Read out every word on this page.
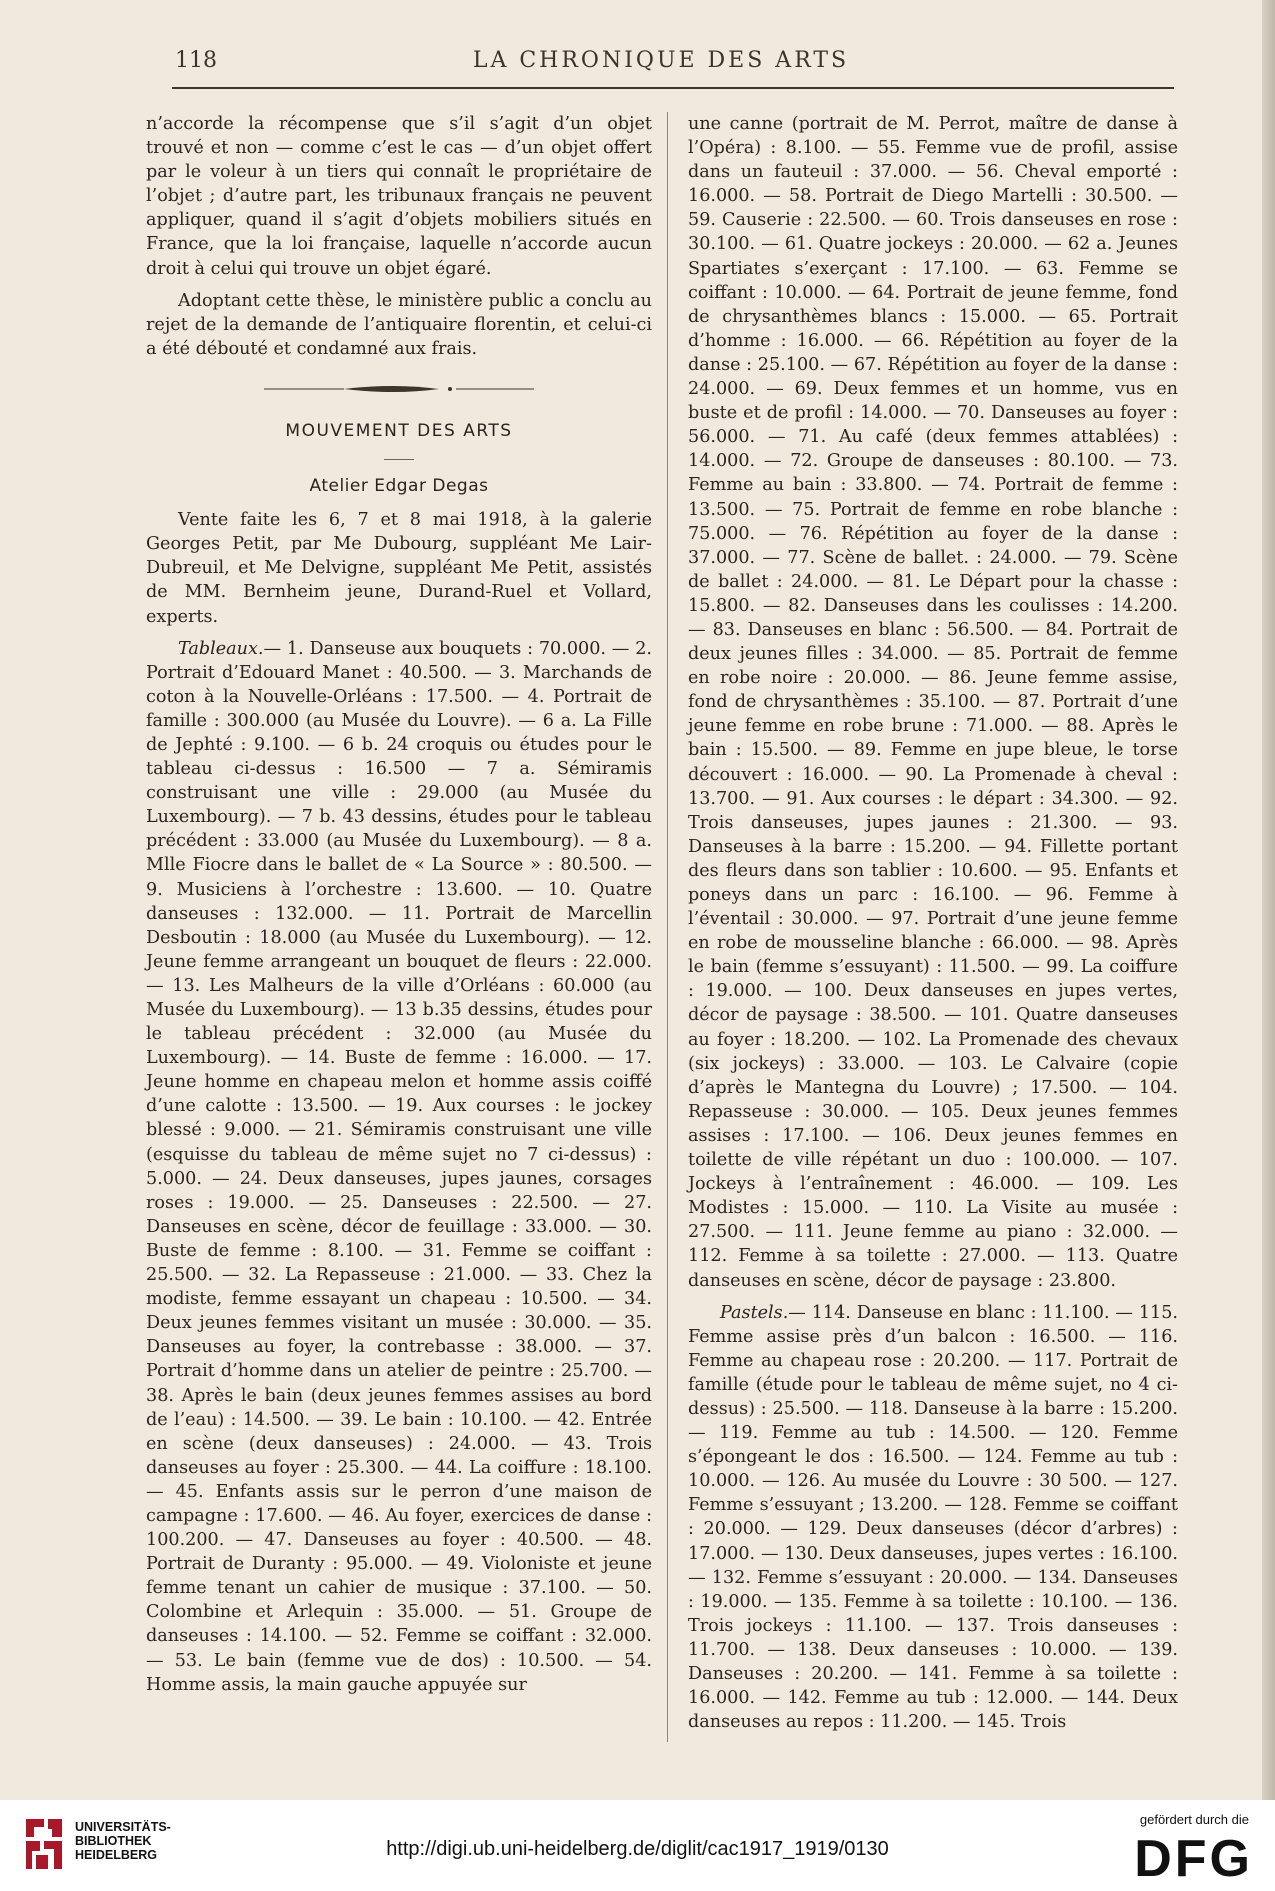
118	LA CHRONIQUE DES ARTS

n’accorde la récompense que s’il s’agit d’un objet trouvé et non — comme c’est le cas — d’un objet offert par le voleur à un tiers qui connaît le propriétaire de l’objet ; d’autre part, les tribunaux français ne peuvent appliquer, quand il s’agit d’objets mobiliers situés en France, que la loi française, laquelle n’accorde aucun droit à celui qui trouve un objet égaré.

Adoptant cette thèse, le ministère public a conclu au rejet de la demande de l’antiquaire florentin, et celui-ci a été débouté et condamné aux frais.

MOUVEMENT DES ARTS
Atelier Edgar Degas

Vente faite les 6, 7 et 8 mai 1918, à la galerie Georges Petit, par Me Dubourg, suppléant Me Lair-Dubreuil, et Me Delvigne, suppléant Me Petit, assistés de MM. Bernheim jeune, Durand-Ruel et Vollard, experts.

Tableaux.— 1. Danseuse aux bouquets : 70.000. — 2. Portrait d’Edouard Manet : 40.500. — 3. Marchands de coton à la Nouvelle-Orléans : 17.500. — 4. Portrait de famille : 300.000 (au Musée du Louvre). — 6 a. La Fille de Jephté : 9.100. — 6 b. 24 croquis ou études pour le tableau ci-dessus : 16.500 — 7 a. Sémiramis construisant une ville : 29.000 (au Musée du Luxembourg). — 7 b. 43 dessins, études pour le tableau précédent : 33.000 (au Musée du Luxembourg). — 8 a. Mlle Fiocre dans le ballet de « La Source » : 80.500. — 9. Musiciens à l’orchestre : 13.600. — 10. Quatre danseuses : 132.000. — 11. Portrait de Marcellin Desboutin : 18.000 (au Musée du Luxembourg). — 12. Jeune femme arrangeant un bouquet de fleurs : 22.000. — 13. Les Malheurs de la ville d’Orléans : 60.000 (au Musée du Luxembourg). — 13 b.35 dessins, études pour le tableau précédent : 32.000 (au Musée du Luxembourg). — 14. Buste de femme : 16.000. — 17. Jeune homme en chapeau melon et homme assis coiffé d’une calotte : 13.500. — 19. Aux courses : le jockey blessé : 9.000. — 21. Sémiramis construisant une ville (esquisse du tableau de même sujet no 7 ci-dessus) : 5.000. — 24. Deux danseuses, jupes jaunes, corsages roses : 19.000. — 25. Danseuses : 22.500. — 27. Danseuses en scène, décor de feuillage : 33.000. — 30. Buste de femme : 8.100. — 31. Femme se coiffant : 25.500. — 32. La Repasseuse : 21.000. — 33. Chez la modiste, femme essayant un chapeau : 10.500. — 34. Deux jeunes femmes visitant un musée : 30.000. — 35. Danseuses au foyer, la contrebasse : 38.000. — 37. Portrait d’homme dans un atelier de peintre : 25.700. — 38. Après le bain (deux jeunes femmes assises au bord de l’eau) : 14.500. — 39. Le bain : 10.100. — 42. Entrée en scène (deux danseuses) : 24.000. — 43. Trois danseuses au foyer : 25.300. — 44. La coiffure : 18.100. — 45. Enfants assis sur le perron d’une maison de campagne : 17.600. — 46. Au foyer, exercices de danse : 100.200. — 47. Danseuses au foyer : 40.500. — 48. Portrait de Duranty : 95.000. — 49. Violoniste et jeune femme tenant un cahier de musique : 37.100. — 50. Colombine et Arlequin : 35.000. — 51. Groupe de danseuses : 14.100. — 52. Femme se coiffant : 32.000. — 53. Le bain (femme vue de dos) : 10.500. — 54. Homme assis, la main gauche appuyée sur

une canne (portrait de M. Perrot, maître de danse à l’Opéra) : 8.100. — 55. Femme vue de profil, assise dans un fauteuil : 37.000. — 56. Cheval emporté : 16.000. — 58. Portrait de Diego Martelli : 30.500. — 59. Causerie : 22.500. — 60. Trois danseuses en rose : 30.100. — 61. Quatre jockeys : 20.000. — 62 a. Jeunes Spartiates s’exerçant : 17.100. — 63. Femme se coiffant : 10.000. — 64. Portrait de jeune femme, fond de chrysanthèmes blancs : 15.000. — 65. Portrait d’homme : 16.000. — 66. Répétition au foyer de la danse : 25.100. — 67. Répétition au foyer de la danse : 24.000. — 69. Deux femmes et un homme, vus en buste et de profil : 14.000. — 70. Danseuses au foyer : 56.000. — 71. Au café (deux femmes attablées) : 14.000. — 72. Groupe de danseuses : 80.100. — 73. Femme au bain : 33.800. — 74. Portrait de femme : 13.500. — 75. Portrait de femme en robe blanche : 75.000. — 76. Répétition au foyer de la danse : 37.000. — 77. Scène de ballet. : 24.000. — 79. Scène de ballet : 24.000. — 81. Le Départ pour la chasse : 15.800. — 82. Danseuses dans les coulisses : 14.200. — 83. Danseuses en blanc : 56.500. — 84. Portrait de deux jeunes filles : 34.000. — 85. Portrait de femme en robe noire : 20.000. — 86. Jeune femme assise, fond de chrysanthèmes : 35.100. — 87. Portrait d’une jeune femme en robe brune : 71.000. — 88. Après le bain : 15.500. — 89. Femme en jupe bleue, le torse découvert : 16.000. — 90. La Promenade à cheval : 13.700. — 91. Aux courses : le départ : 34.300. — 92. Trois danseuses, jupes jaunes : 21.300. — 93. Danseuses à la barre : 15.200. — 94. Fillette portant des fleurs dans son tablier : 10.600. — 95. Enfants et poneys dans un parc : 16.100. — 96. Femme à l’éventail : 30.000. — 97. Portrait d’une jeune femme en robe de mousseline blanche : 66.000. — 98. Après le bain (femme s’essuyant) : 11.500. — 99. La coiffure : 19.000. — 100. Deux danseuses en jupes vertes, décor de paysage : 38.500. — 101. Quatre danseuses au foyer : 18.200. — 102. La Promenade des chevaux (six jockeys) : 33.000. — 103. Le Calvaire (copie d’après le Mantegna du Louvre) ; 17.500. — 104. Repasseuse : 30.000. — 105. Deux jeunes femmes assises : 17.100. — 106. Deux jeunes femmes en toilette de ville répétant un duo : 100.000. — 107. Jockeys à l’entraînement : 46.000. — 109. Les Modistes : 15.000. — 110. La Visite au musée : 27.500. — 111. Jeune femme au piano : 32.000. — 112. Femme à sa toilette : 27.000. — 113. Quatre danseuses en scène, décor de paysage : 23.800.

Pastels.— 114. Danseuse en blanc : 11.100. — 115. Femme assise près d’un balcon : 16.500. — 116. Femme au chapeau rose : 20.200. — 117. Portrait de famille (étude pour le tableau de même sujet, no 4 ci-dessus) : 25.500. — 118. Danseuse à la barre : 15.200. — 119. Femme au tub : 14.500. — 120. Femme s’épongeant le dos : 16.500. — 124. Femme au tub : 10.000. — 126. Au musée du Louvre : 30 500. — 127. Femme s’essuyant ; 13.200. — 128. Femme se coiffant : 20.000. — 129. Deux danseuses (décor d’arbres) : 17.000. — 130. Deux danseuses, jupes vertes : 16.100. — 132. Femme s’essuyant : 20.000. — 134. Danseuses : 19.000. — 135. Femme à sa toilette : 10.100. — 136. Trois jockeys : 11.100. — 137. Trois danseuses : 11.700. — 138. Deux danseuses : 10.000. — 139. Danseuses : 20.200. — 141. Femme à sa toilette : 16.000. — 142. Femme au tub : 12.000. — 144. Deux danseuses au repos : 11.200. — 145. Trois

UNIVERSITÄTS-
BIBLIOTHEK
HEIDELBERG	http://digi.ub.uni-heidelberg.de/diglit/cac1917_1919/0130
gefördert durch die
DFG
